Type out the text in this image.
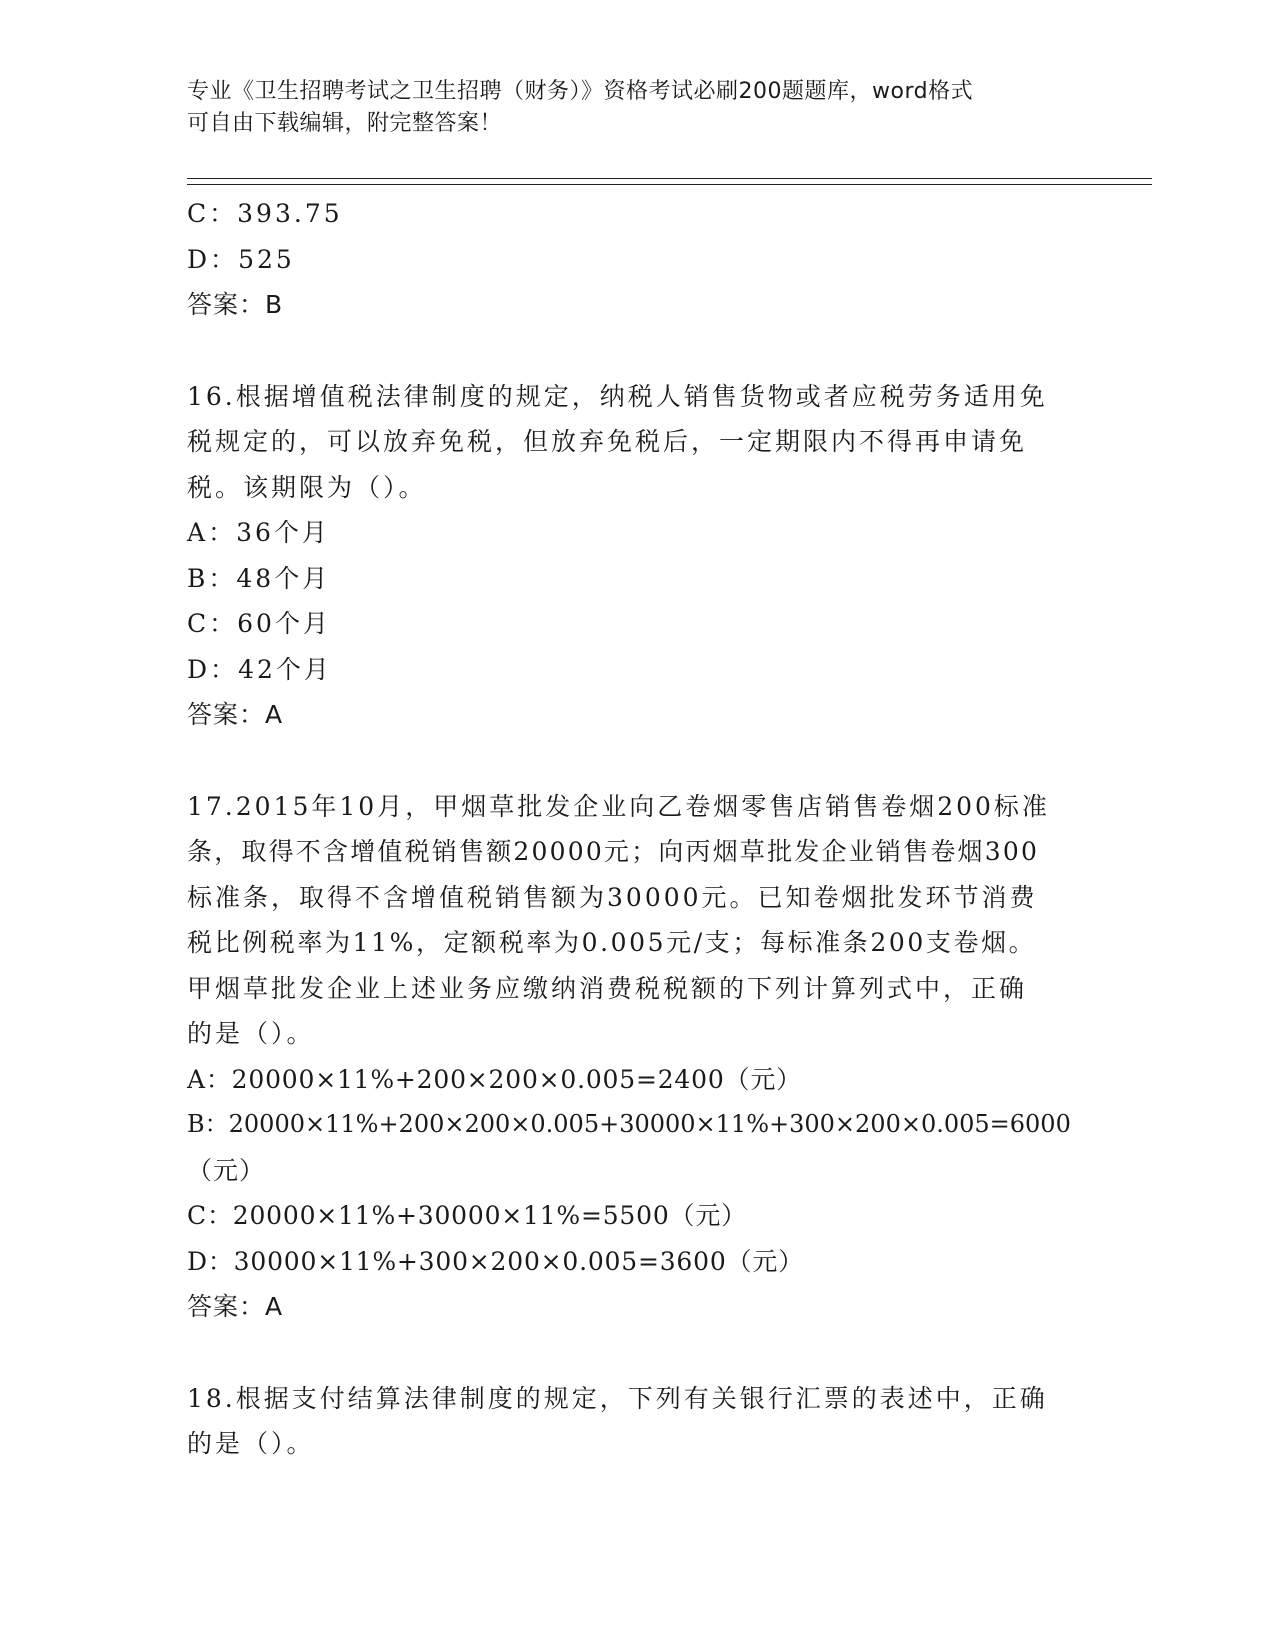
专业《卫生招聘考试之卫生招聘（财务）》资格考试必刷200题题库，word格式
可自由下载编辑，附完整答案！
C：393.75
D：525
答案：B
16.根据增值税法律制度的规定，纳税人销售货物或者应税劳务适用免
税规定的，可以放弃免税，但放弃免税后，一定期限内不得再申请免
税。该期限为（）。
A：36个月
B：48个月
C：60个月
D：42个月
答案：A
17.2015年10月，甲烟草批发企业向乙卷烟零售店销售卷烟200标准
条，取得不含增值税销售额20000元；向丙烟草批发企业销售卷烟300
标准条，取得不含增值税销售额为30000元。已知卷烟批发环节消费
税比例税率为11%，定额税率为0.005元/支；每标准条200支卷烟。
甲烟草批发企业上述业务应缴纳消费税税额的下列计算列式中，正确
的是（）。
A：20000×11%+200×200×0.005=2400（元）
B：20000×11%+200×200×0.005+30000×11%+300×200×0.005=6000
（元）
C：20000×11%+30000×11%=5500（元）
D：30000×11%+300×200×0.005=3600（元）
答案：A
18.根据支付结算法律制度的规定，下列有关银行汇票的表述中，正确
的是（）。
